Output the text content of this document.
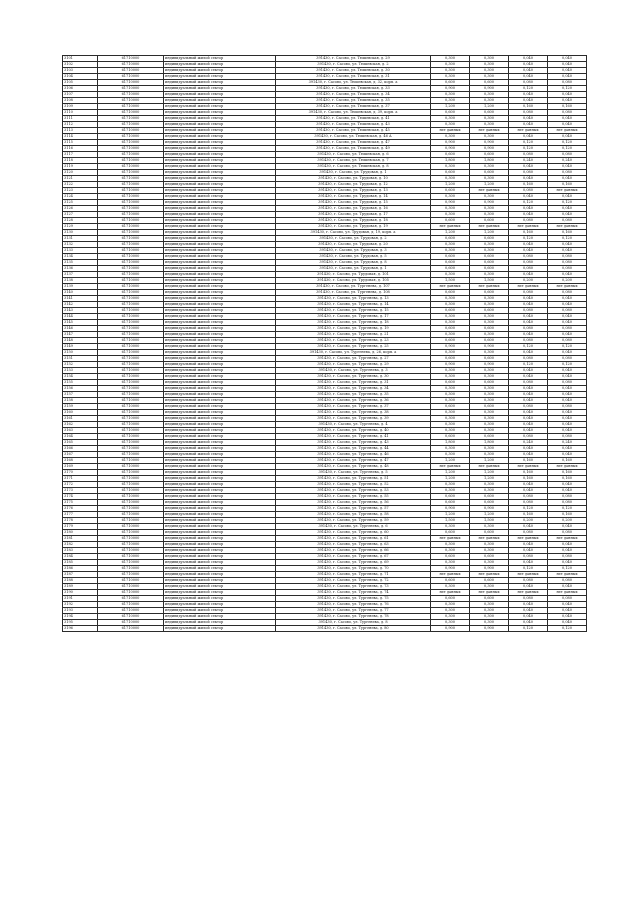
3101	61710000	индивидуальный жилой сектор	391430, г. Сасово, ул. Тюшевская, д. 29	0,300	0,300	0,040	0,040
3102	61710000	индивидуальный жилой сектор	391430, г. Сасово, ул. Тюшевская, д. 2	0,300	0,300	0,040	0,040
3103	61710000	индивидуальный жилой сектор	391430, г. Сасово, ул. Тюшевская, д. 30	0,300	0,300	0,040	0,040
3104	61710000	индивидуальный жилой сектор	391430, г. Сасово, ул. Тюшевская, д. 31	0,300	0,300	0,040	0,040
3105	61710000	индивидуальный жилой сектор	391430, г. Сасово, ул. Тюшевская, д. 32, корп. а	0,600	0,600	0,080	0,080
3106	61710000	индивидуальный жилой сектор	391430, г. Сасово, ул. Тюшевская, д. 33	0,900	0,900	0,120	0,120
3107	61710000	индивидуальный жилой сектор	391430, г. Сасово, ул. Тюшевская, д. 34	0,300	0,300	0,040	0,040
3108	61710000	индивидуальный жилой сектор	391430, г. Сасово, ул. Тюшевская, д. 35	0,300	0,300	0,040	0,040
3109	61710000	индивидуальный жилой сектор	391430, г. Сасово, ул. Тюшевская, д. 37	1,200	1,200	0,160	0,160
3110	61710000	индивидуальный жилой сектор	391430, г. Сасово, ул. Тюшевская, д. 39, корп. а	0,600	0,600	0,080	0,080
3111	61710000	индивидуальный жилой сектор	391430, г. Сасово, ул. Тюшевская, д. 41	0,300	0,300	0,040	0,040
3112	61710000	индивидуальный жилой сектор	391430, г. Сасово, ул. Тюшевская, д. 43	0,300	0,300	0,040	0,040
3113	61710000	индивидуальный жилой сектор	391430, г. Сасово, ул. Тюшевская, д. 45	нет данных	нет данных	нет данных	нет данных
3114	61710000	индивидуальный жилой сектор	391430, г. Сасово, ул. Тюшевская, д. 46 А	0,300	0,300	0,040	0,040
3115	61710000	индивидуальный жилой сектор	391430, г. Сасово, ул. Тюшевская, д. 47	0,900	0,900	0,120	0,120
3116	61710000	индивидуальный жилой сектор	391430, г. Сасово, ул. Тюшевская, д. 49	0,900	0,900	0,120	0,120
3117	61710000	индивидуальный жилой сектор	391430, г. Сасово, ул. Тюшевская, д. 6	0,600	0,600	0,080	0,080
3118	61710000	индивидуальный жилой сектор	391430, г. Сасово, ул. Тюшевская, д. 7	1,800	1,800	0,240	0,240
3119	61710000	индивидуальный жилой сектор	391430, г. Сасово, ул. Тюшевская, д. 8	0,300	0,300	0,040	0,040
3120	61710000	индивидуальный жилой сектор	391430, г. Сасово, ул. Трудовая, д. 1	0,600	0,600	0,080	0,080
3121	61710000	индивидуальный жилой сектор	391430, г. Сасово, ул. Трудовая, д. 10	0,300	0,300	0,040	0,040
3122	61710000	индивидуальный жилой сектор	391430, г. Сасово, ул. Трудовая, д. 12	1,200	1,200	0,160	0,160
3123	61710000	индивидуальный жилой сектор	391430, г. Сасово, ул. Трудовая, д. 13	0,600	нет данных	0,080	нет данных
3124	61710000	индивидуальный жилой сектор	391430, г. Сасово, ул. Трудовая, д. 14	0,300	0,300	0,040	0,040
3125	61710000	индивидуальный жилой сектор	391430, г. Сасово, ул. Трудовая, д. 15	0,900	0,900	0,120	0,120
3126	61710000	индивидуальный жилой сектор	391430, г. Сасово, ул. Трудовая, д. 16	0,300	0,300	0,040	0,040
3127	61710000	индивидуальный жилой сектор	391430, г. Сасово, ул. Трудовая, д. 17	0,300	0,300	0,040	0,040
3128	61710000	индивидуальный жилой сектор	391430, г. Сасово, ул. Трудовая, д. 18	0,600	0,600	0,080	0,080
3129	61710000	индивидуальный жилой сектор	391430, г. Сасово, ул. Трудовая, д. 19	нет данных	нет данных	нет данных	нет данных
3130	61710000	индивидуальный жилой сектор	391430, г. Сасово, ул. Трудовая, д. 19, корп. а	1,200	1,200	0,160	0,160
3131	61710000	индивидуальный жилой сектор	391430, г. Сасово, ул. Трудовая, д. 2	0,600	0,600	0,120	0,120
3132	61710000	индивидуальный жилой сектор	391430, г. Сасово, ул. Трудовая, д. 20	0,300	0,300	0,040	0,040
3133	61710000	индивидуальный жилой сектор	391430, г. Сасово, ул. Трудовая, д. 3	0,300	0,300	0,040	0,040
3134	61710000	индивидуальный жилой сектор	391430, г. Сасово, ул. Трудовая, д. 5	0,600	0,600	0,080	0,080
3135	61710000	индивидуальный жилой сектор	391430, г. Сасово, ул. Трудовая, д. 8	0,600	0,600	0,080	0,080
3136	61710000	индивидуальный жилой сектор	391430, г. Сасово, ул. Трудовая, д. 1	0,600	0,600	0,080	0,080
3137	61710000	индивидуальный жилой сектор	391430, г. Сасово, ул. Трудовая, д. 101	0,300	0,300	0,040	0,040
3138	61710000	индивидуальный жилой сектор	391430, г. Сасово, ул. Трудовая, д. 105	1,500	1,500	0,200	0,200
3139	61710000	индивидуальный жилой сектор	391430, г. Сасово, ул. Тургенева, д. 107	нет данных	нет данных	нет данных	нет данных
3140	61710000	индивидуальный жилой сектор	391430, г. Сасово, ул. Тургенева, д. 108	0,600	0,600	0,080	0,080
3141	61710000	индивидуальный жилой сектор	391430, г. Сасово, ул. Тургенева, д. 13	0,300	0,300	0,040	0,040
3142	61710000	индивидуальный жилой сектор	391430, г. Сасово, ул. Тургенева, д. 14	0,300	0,300	0,040	0,040
3143	61710000	индивидуальный жилой сектор	391430, г. Сасово, ул. Тургенева, д. 15	0,600	0,600	0,080	0,080
3144	61710000	индивидуальный жилой сектор	391430, г. Сасово, ул. Тургенева, д. 17	0,300	0,300	0,040	0,040
3145	61710000	индивидуальный жилой сектор	391430, г. Сасово, ул. Тургенева, д. 18	0,300	0,300	0,040	0,040
3146	61710000	индивидуальный жилой сектор	391430, г. Сасово, ул. Тургенева, д. 19	0,600	0,600	0,080	0,080
3147	61710000	индивидуальный жилой сектор	391430, г. Сасово, ул. Тургенева, д. 21	0,300	0,300	0,040	0,040
3148	61710000	индивидуальный жилой сектор	391430, г. Сасово, ул. Тургенева, д. 23	0,600	0,600	0,080	0,080
3149	61710000	индивидуальный жилой сектор	391430, г. Сасово, ул. Тургенева, д. 25	0,900	0,900	0,120	0,120
3150	61710000	индивидуальный жилой сектор	391430, г. Сасово, ул. Тургенева, д. 26, корп. а	0,300	0,300	0,040	0,040
3151	61710000	индивидуальный жилой сектор	391430, г. Сасово, ул. Тургенева, д. 27	0,600	0,600	0,080	0,080
3152	61710000	индивидуальный жилой сектор	391430, г. Сасово, ул. Тургенева, д. 29	0,900	0,900	0,120	0,120
3153	61710000	индивидуальный жилой сектор	391430, г. Сасово, ул. Тургенева, д. 3	0,300	0,300	0,040	0,040
3154	61710000	индивидуальный жилой сектор	391430, г. Сасово, ул. Тургенева, д. 30	0,300	0,300	0,040	0,040
3155	61710000	индивидуальный жилой сектор	391430, г. Сасово, ул. Тургенева, д. 31	0,600	0,600	0,080	0,080
3156	61710000	индивидуальный жилой сектор	391430, г. Сасово, ул. Тургенева, д. 34	0,300	0,300	0,040	0,040
3157	61710000	индивидуальный жилой сектор	391430, г. Сасово, ул. Тургенева, д. 35	0,300	0,300	0,040	0,040
3158	61710000	индивидуальный жилой сектор	391430, г. Сасово, ул. Тургенева, д. 36	0,300	0,300	0,040	0,040
3159	61710000	индивидуальный жилой сектор	391430, г. Сасово, ул. Тургенева, д. 37	0,600	0,600	0,080	0,080
3160	61710000	индивидуальный жилой сектор	391430, г. Сасово, ул. Тургенева, д. 38	0,300	0,300	0,040	0,040
3161	61710000	индивидуальный жилой сектор	391430, г. Сасово, ул. Тургенева, д. 39	0,300	0,300	0,040	0,040
3162	61710000	индивидуальный жилой сектор	391430, г. Сасово, ул. Тургенева, д. 4	0,300	0,300	0,040	0,040
3163	61710000	индивидуальный жилой сектор	391430, г. Сасово, ул. Тургенева, д. 40	0,300	0,300	0,040	0,040
3164	61710000	индивидуальный жилой сектор	391430, г. Сасово, ул. Тургенева, д. 41	0,600	0,600	0,080	0,080
3165	61710000	индивидуальный жилой сектор	391430, г. Сасово, ул. Тургенева, д. 43	1,800	1,800	0,240	0,240
3166	61710000	индивидуальный жилой сектор	391430, г. Сасово, ул. Тургенева, д. 44	0,300	0,300	0,040	0,040
3167	61710000	индивидуальный жилой сектор	391430, г. Сасово, ул. Тургенева, д. 46	0,300	0,300	0,040	0,040
3168	61710000	индивидуальный жилой сектор	391430, г. Сасово, ул. Тургенева, д. 47	1,200	1,200	0,160	0,160
3169	61710000	индивидуальный жилой сектор	391430, г. Сасово, ул. Тургенева, д. 48	нет данных	нет данных	нет данных	нет данных
3170	61710000	индивидуальный жилой сектор	391430, г. Сасово, ул. Тургенева, д. 5	1,200	1,200	0,160	0,160
3171	61710000	индивидуальный жилой сектор	391430, г. Сасово, ул. Тургенева, д. 51	1,200	1,200	0,160	0,160
3172	61710000	индивидуальный жилой сектор	391430, г. Сасово, ул. Тургенева, д. 52	0,300	0,300	0,040	0,040
3173	61710000	индивидуальный жилой сектор	391430, г. Сасово, ул. Тургенева, д. 53	0,300	0,300	0,040	0,040
3174	61710000	индивидуальный жилой сектор	391430, г. Сасово, ул. Тургенева, д. 55	0,600	0,600	0,080	0,080
3175	61710000	индивидуальный жилой сектор	391430, г. Сасово, ул. Тургенева, д. 56	0,600	0,600	0,080	0,080
3176	61710000	индивидуальный жилой сектор	391430, г. Сасово, ул. Тургенева, д. 57	0,900	0,900	0,120	0,120
3177	61710000	индивидуальный жилой сектор	391430, г. Сасово, ул. Тургенева, д. 58	1,200	1,200	0,160	0,160
3178	61710000	индивидуальный жилой сектор	391430, г. Сасово, ул. Тургенева, д. 59	1,500	1,500	0,200	0,200
3179	61710000	индивидуальный жилой сектор	391430, г. Сасово, ул. Тургенева, д. 6	0,300	0,300	0,040	0,040
3180	61710000	индивидуальный жилой сектор	391430, г. Сасово, ул. Тургенева, д. 60	0,600	0,600	0,080	0,080
3181	61710000	индивидуальный жилой сектор	391430, г. Сасово, ул. Тургенева, д. 61	нет данных	нет данных	нет данных	нет данных
3182	61710000	индивидуальный жилой сектор	391430, г. Сасово, ул. Тургенева, д. 63	0,300	0,300	0,040	0,040
3183	61710000	индивидуальный жилой сектор	391430, г. Сасово, ул. Тургенева, д. 66	0,300	0,300	0,040	0,040
3184	61710000	индивидуальный жилой сектор	391430, г. Сасово, ул. Тургенева, д. 67	0,600	0,600	0,080	0,080
3185	61710000	индивидуальный жилой сектор	391430, г. Сасово, ул. Тургенева, д. 69	0,300	0,300	0,040	0,040
3186	61710000	индивидуальный жилой сектор	391430, г. Сасово, ул. Тургенева, д. 70	0,900	0,900	0,120	0,120
3187	61710000	индивидуальный жилой сектор	391430, г. Сасово, ул. Тургенева, д. 71	нет данных	нет данных	нет данных	нет данных
3188	61710000	индивидуальный жилой сектор	391430, г. Сасово, ул. Тургенева, д. 72	0,600	0,600	0,080	0,080
3189	61710000	индивидуальный жилой сектор	391430, г. Сасово, ул. Тургенева, д. 73	0,300	0,300	0,040	0,040
3190	61710000	индивидуальный жилой сектор	391430, г. Сасово, ул. Тургенева, д. 74	нет данных	нет данных	нет данных	нет данных
3191	61710000	индивидуальный жилой сектор	391430, г. Сасово, ул. Тургенева, д. 75	0,600	0,600	0,080	0,080
3192	61710000	индивидуальный жилой сектор	391430, г. Сасово, ул. Тургенева, д. 76	0,300	0,300	0,040	0,040
3193	61710000	индивидуальный жилой сектор	391430, г. Сасово, ул. Тургенева, д. 77	0,300	0,300	0,040	0,040
3194	61710000	индивидуальный жилой сектор	391430, г. Сасово, ул. Тургенева, д. 78	0,300	0,300	0,040	0,040
3195	61710000	индивидуальный жилой сектор	391430, г. Сасово, ул. Тургенева, д. 8	0,300	0,300	0,040	0,040
3196	61710000	индивидуальный жилой сектор	391430, г. Сасово, ул. Тургенева, д. 80	0,900	0,900	0,120	0,120
